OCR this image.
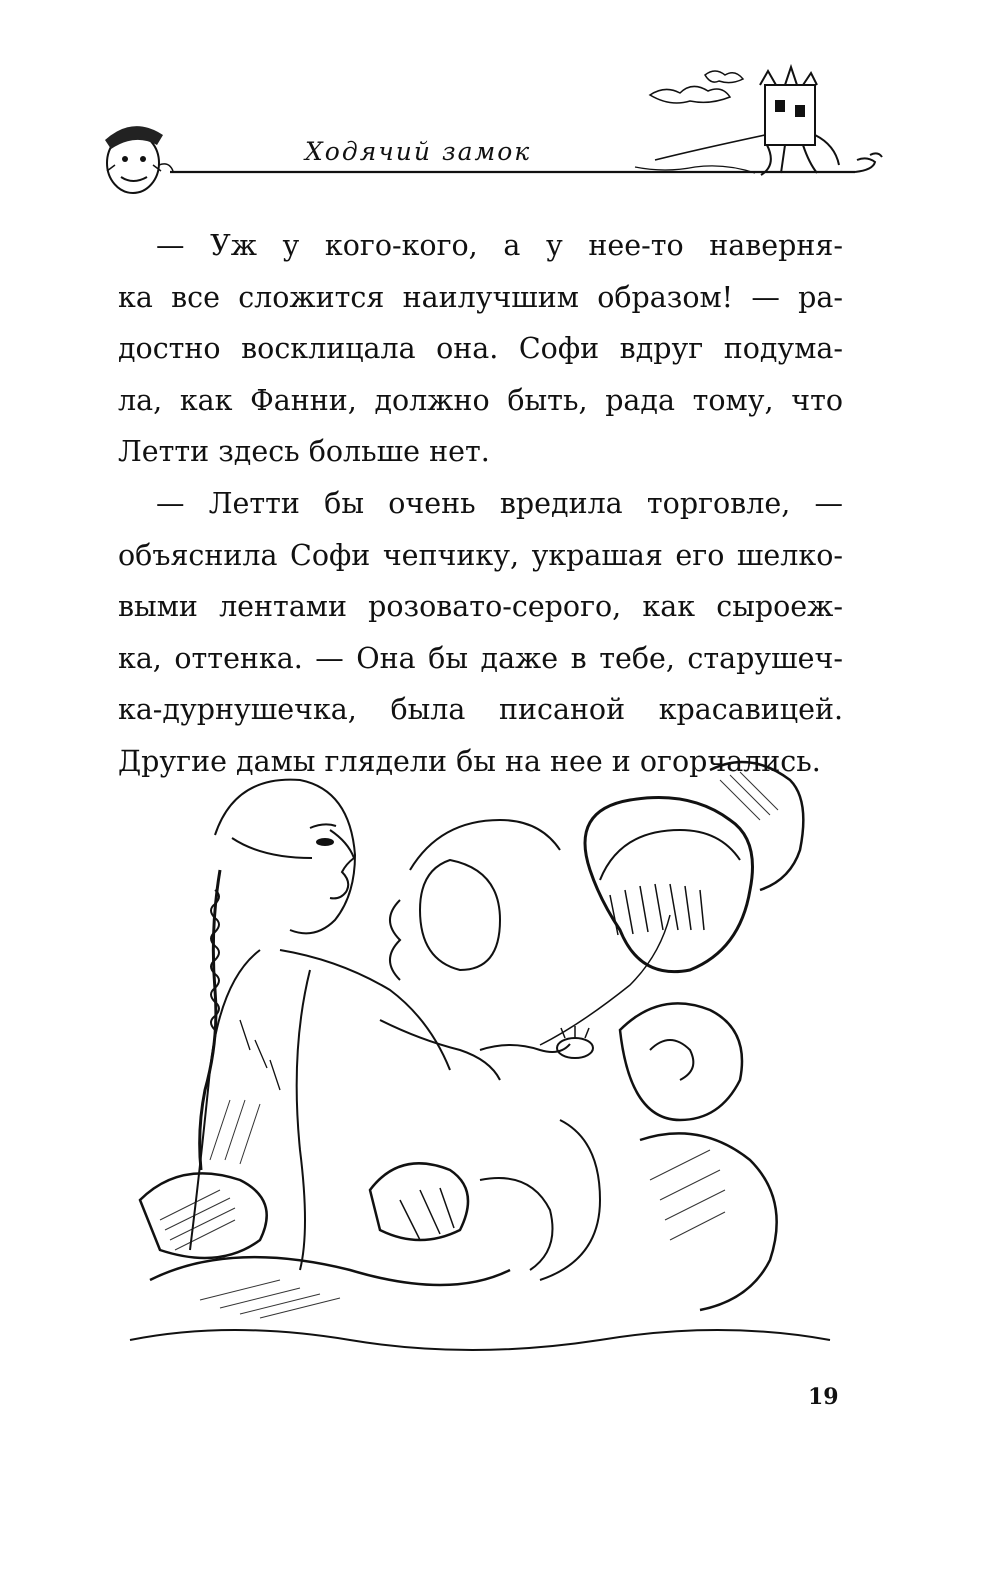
Ходячий замок

— Уж у кого-кого, а у нее-то наверня-
ка все сложится наилучшим образом! — ра-
достно восклицала она. Софи вдруг подума-
ла, как Фанни, должно быть, рада тому, что
Летти здесь больше нет.

— Летти бы очень вредила торговле, —
объяснила Софи чепчику, украшая его шелко-
выми лентами розовато-серого, как сыроеж-
ка, оттенка. — Она бы даже в тебе, старушеч-
ка-дурнушечка, была писаной красавицей.
Другие дамы глядели бы на нее и огорчались.

19
